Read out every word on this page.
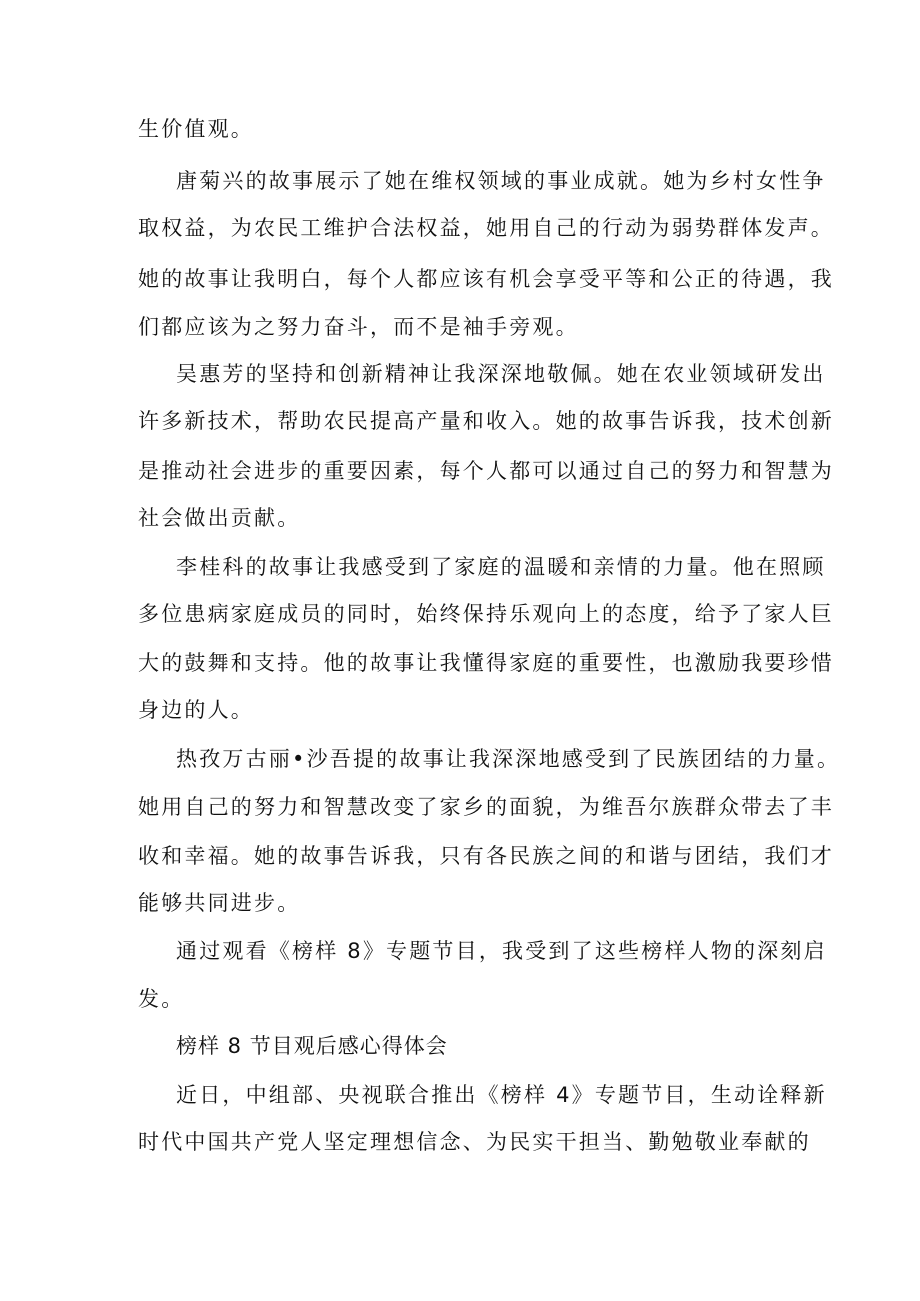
生价值观。
唐菊兴的故事展示了她在维权领域的事业成就。她为乡村女性争
取权益，为农民工维护合法权益，她用自己的行动为弱势群体发声。
她的故事让我明白，每个人都应该有机会享受平等和公正的待遇，我
们都应该为之努力奋斗，而不是袖手旁观。
吴惠芳的坚持和创新精神让我深深地敬佩。她在农业领域研发出
许多新技术，帮助农民提高产量和收入。她的故事告诉我，技术创新
是推动社会进步的重要因素，每个人都可以通过自己的努力和智慧为
社会做出贡献。
李桂科的故事让我感受到了家庭的温暖和亲情的力量。他在照顾
多位患病家庭成员的同时，始终保持乐观向上的态度，给予了家人巨
大的鼓舞和支持。他的故事让我懂得家庭的重要性，也激励我要珍惜
身边的人。
热孜万古丽•沙吾提的故事让我深深地感受到了民族团结的力量。
她用自己的努力和智慧改变了家乡的面貌，为维吾尔族群众带去了丰
收和幸福。她的故事告诉我，只有各民族之间的和谐与团结，我们才
能够共同进步。
通过观看《榜样 8》专题节目，我受到了这些榜样人物的深刻启
发。
榜样 8 节目观后感心得体会
近日，中组部、央视联合推出《榜样 4》专题节目，生动诠释新
时代中国共产党人坚定理想信念、为民实干担当、勤勉敬业奉献的
